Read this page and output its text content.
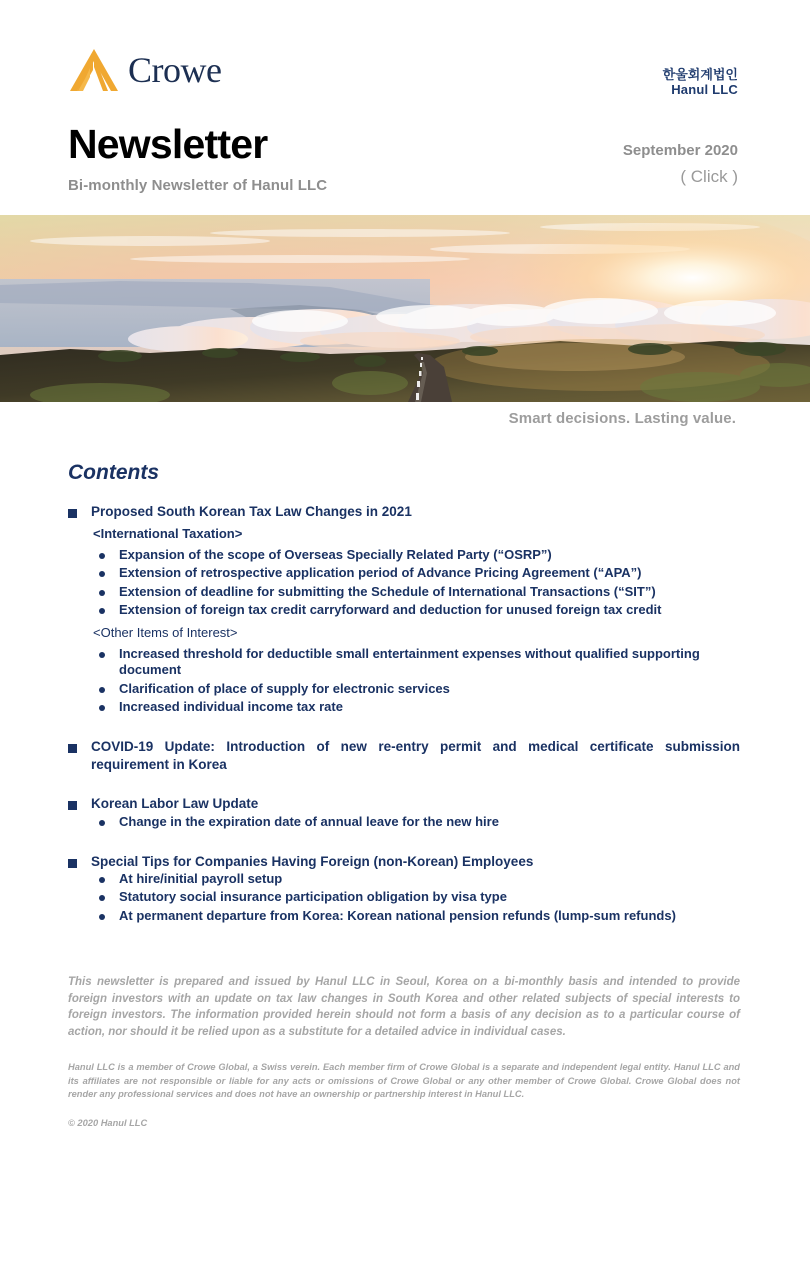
Crowe	한울회계법인
Hanul LLC
Newsletter

Bi-monthly Newsletter of Hanul LLC

September 2020
( Click )
Smart decisions. Lasting value.
Contents
Proposed South Korean Tax Law Changes in 2021
<International Taxation>
Expansion of the scope of Overseas Specially Related Party (“OSRP”)
Extension of retrospective application period of Advance Pricing Agreement (“APA”)
Extension of deadline for submitting the Schedule of International Transactions (“SIT”)
Extension of foreign tax credit carryforward and deduction for unused foreign tax credit
<Other Items of Interest>
Increased threshold for deductible small entertainment expenses without qualified supporting document
Clarification of place of supply for electronic services
Increased individual income tax rate
COVID-19 Update: Introduction of new re-entry permit and medical certificate submission requirement in Korea
Korean Labor Law Update
Change in the expiration date of annual leave for the new hire
Special Tips for Companies Having Foreign (non-Korean) Employees
At hire/initial payroll setup
Statutory social insurance participation obligation by visa type
At permanent departure from Korea: Korean national pension refunds (lump-sum refunds)

This newsletter is prepared and issued by Hanul LLC in Seoul, Korea on a bi-monthly basis and intended to provide foreign investors with an update on tax law changes in South Korea and other related subjects of special interests to foreign investors. The information provided herein should not form a basis of any decision as to a particular course of action, nor should it be relied upon as a substitute for a detailed advice in individual cases.

Hanul LLC is a member of Crowe Global, a Swiss verein. Each member firm of Crowe Global is a separate and independent legal entity. Hanul LLC and its affiliates are not responsible or liable for any acts or omissions of Crowe Global or any other member of Crowe Global. Crowe Global does not render any professional services and does not have an ownership or partnership interest in Hanul LLC.

© 2020 Hanul LLC
